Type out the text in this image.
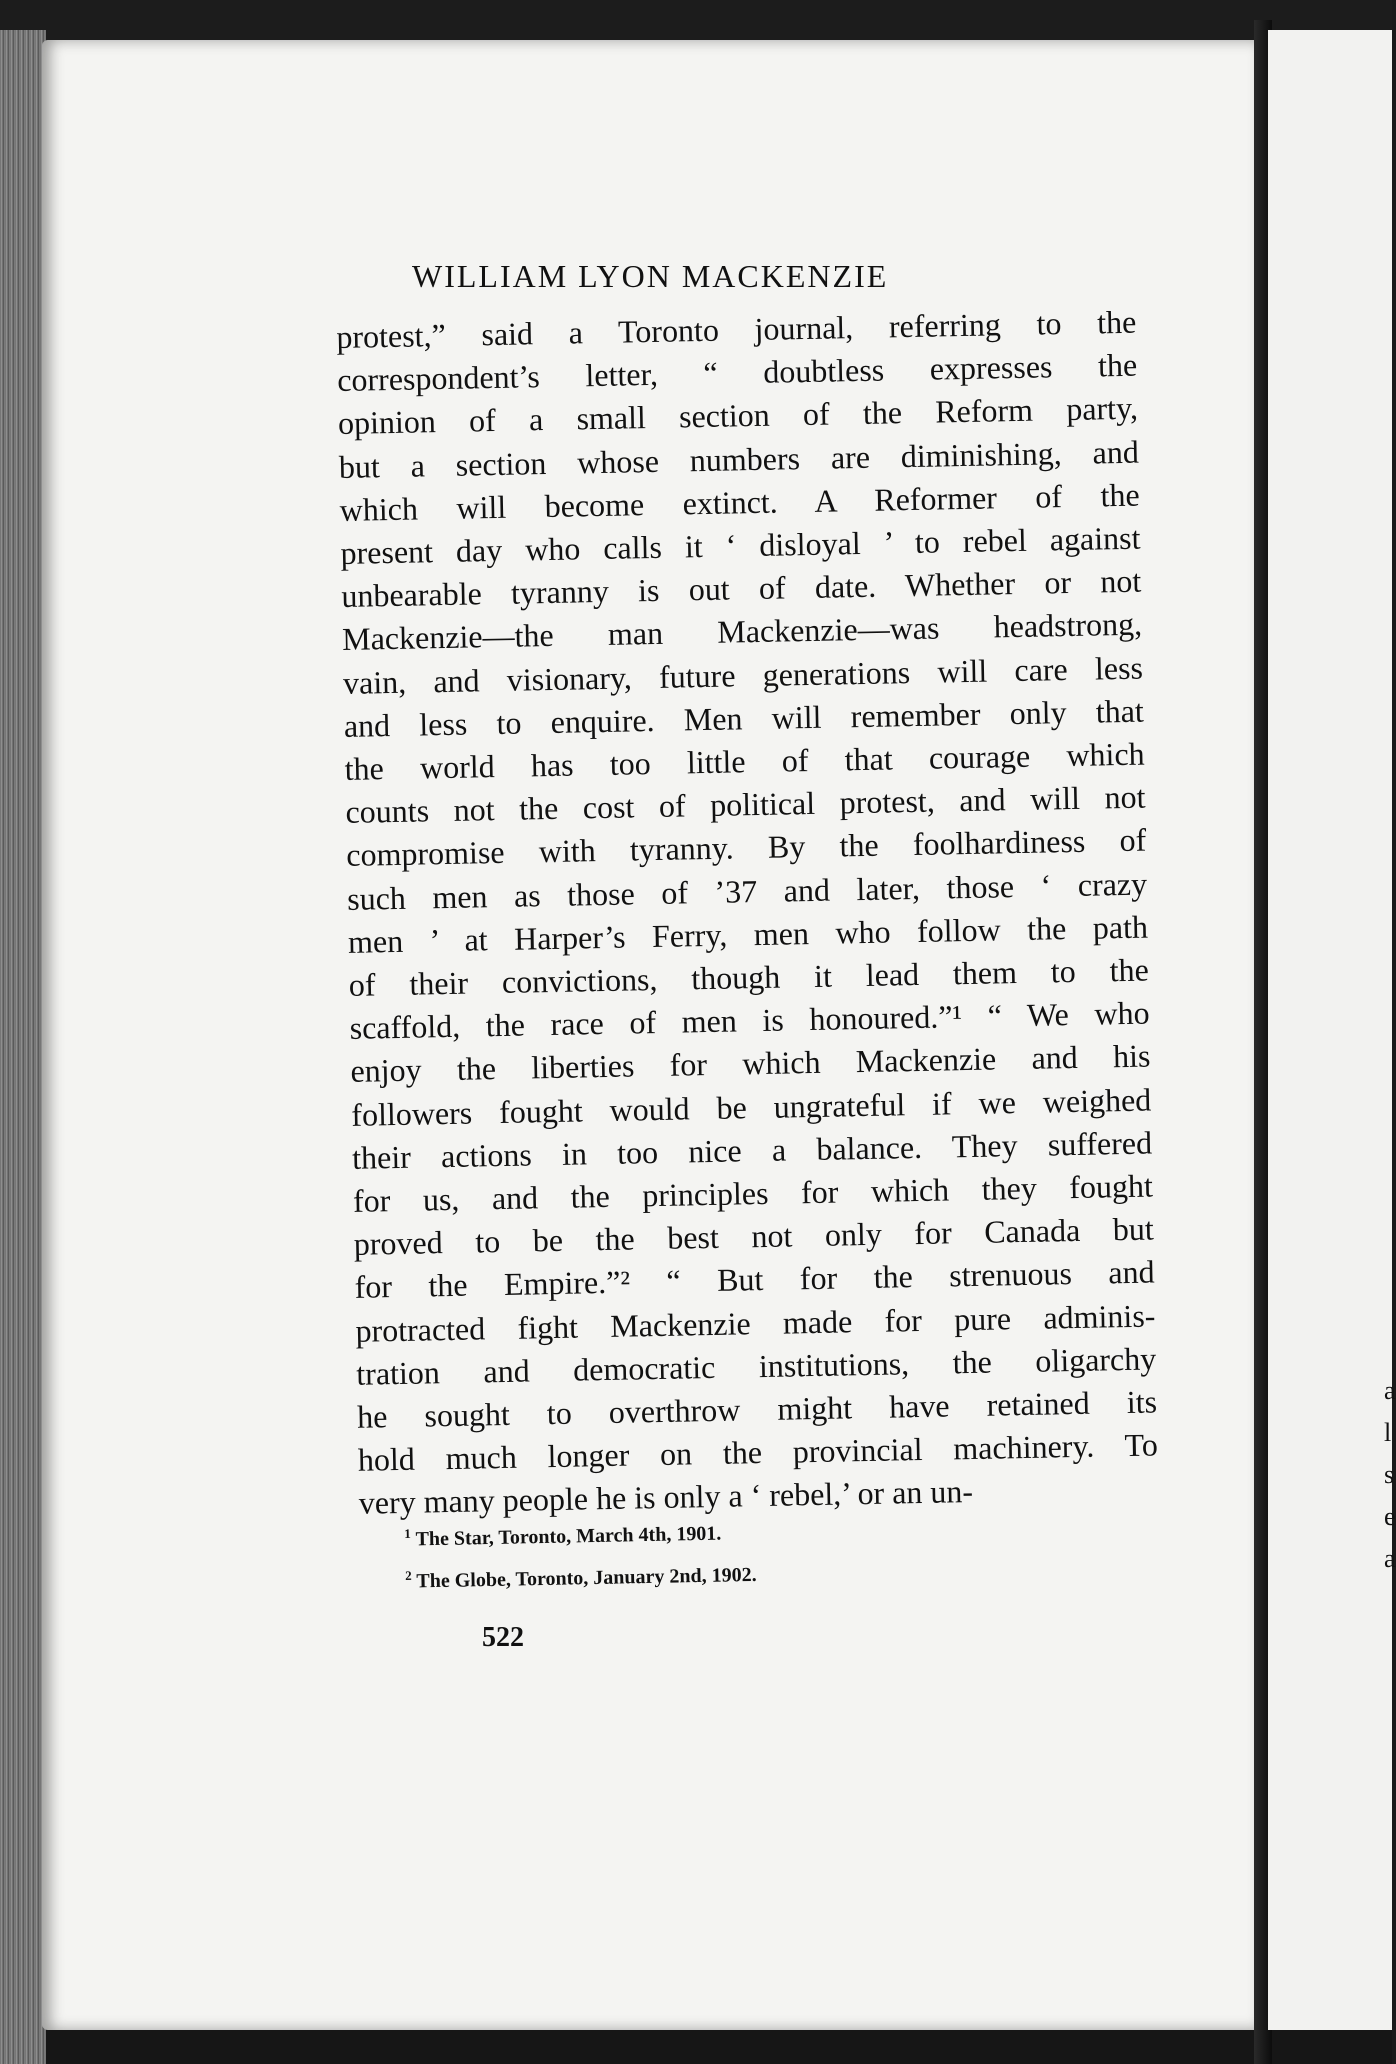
a
l
s
e
a
WILLIAM LYON MACKENZIE
protest,” said a Toronto journal, referring to the
correspondent’s letter, “ doubtless expresses the
opinion of a small section of the Reform party,
but a section whose numbers are diminishing, and
which will become extinct. A Reformer of the
present day who calls it ‘ disloyal ’ to rebel against
unbearable tyranny is out of date. Whether or not
Mackenzie—the man Mackenzie—was headstrong,
vain, and visionary, future generations will care less
and less to enquire. Men will remember only that
the world has too little of that courage which
counts not the cost of political protest, and will not
compromise with tyranny. By the foolhardiness of
such men as those of ’37 and later, those ‘ crazy
men ’ at Harper’s Ferry, men who follow the path
of their convictions, though it lead them to the
scaffold, the race of men is honoured.”¹ “ We who
enjoy the liberties for which Mackenzie and his
followers fought would be ungrateful if we weighed
their actions in too nice a balance. They suffered
for us, and the principles for which they fought
proved to be the best not only for Canada but
for the Empire.”² “ But for the strenuous and
protracted fight Mackenzie made for pure adminis-
tration and democratic institutions, the oligarchy
he sought to overthrow might have retained its
hold much longer on the provincial machinery. To
very many people he is only a ‘ rebel,’ or an un-
$^1$ The Star, Toronto, March 4th, 1901.
$^2$ The Globe, Toronto, January 2nd, 1902.
522
